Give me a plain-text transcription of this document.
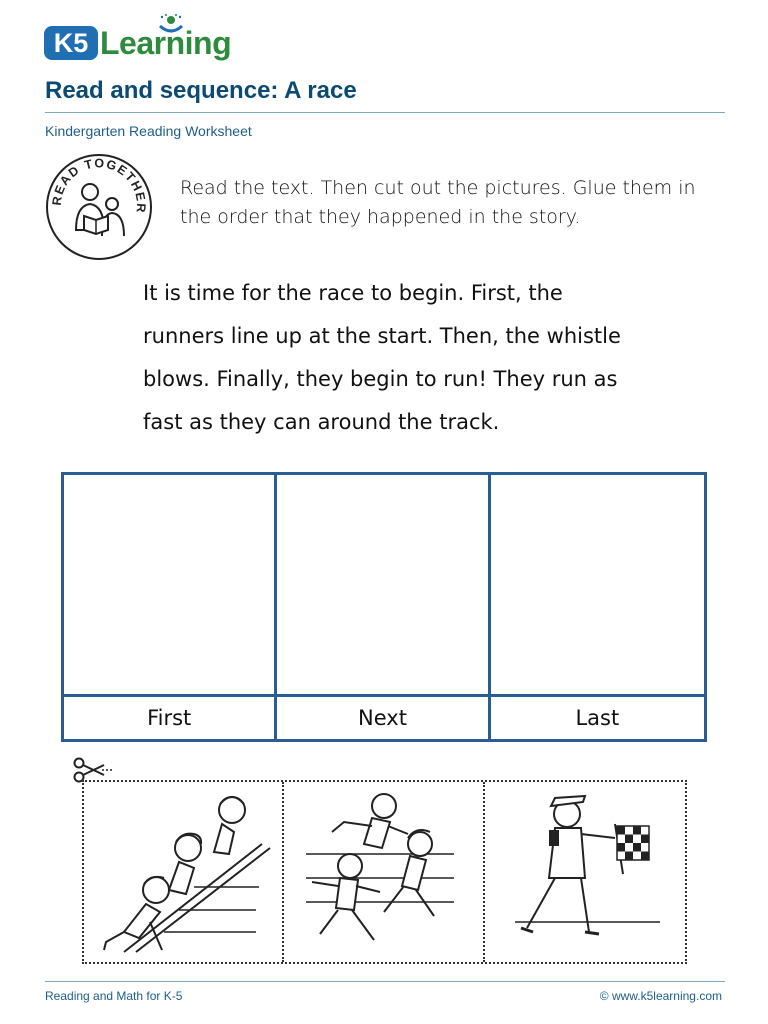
K5 Learning
Read and sequence: A race
Kindergarten Reading Worksheet
READ TOGETHER
Read the text. Then cut out the pictures. Glue them in the order that they happened in the story.

It is time for the race to begin. First, the

runners line up at the start. Then, the whistle

blows. Finally, they begin to run! They run as

fast as they can around the track.

First	Next	Last
Reading and Math for K-5	© www.k5learning.com
